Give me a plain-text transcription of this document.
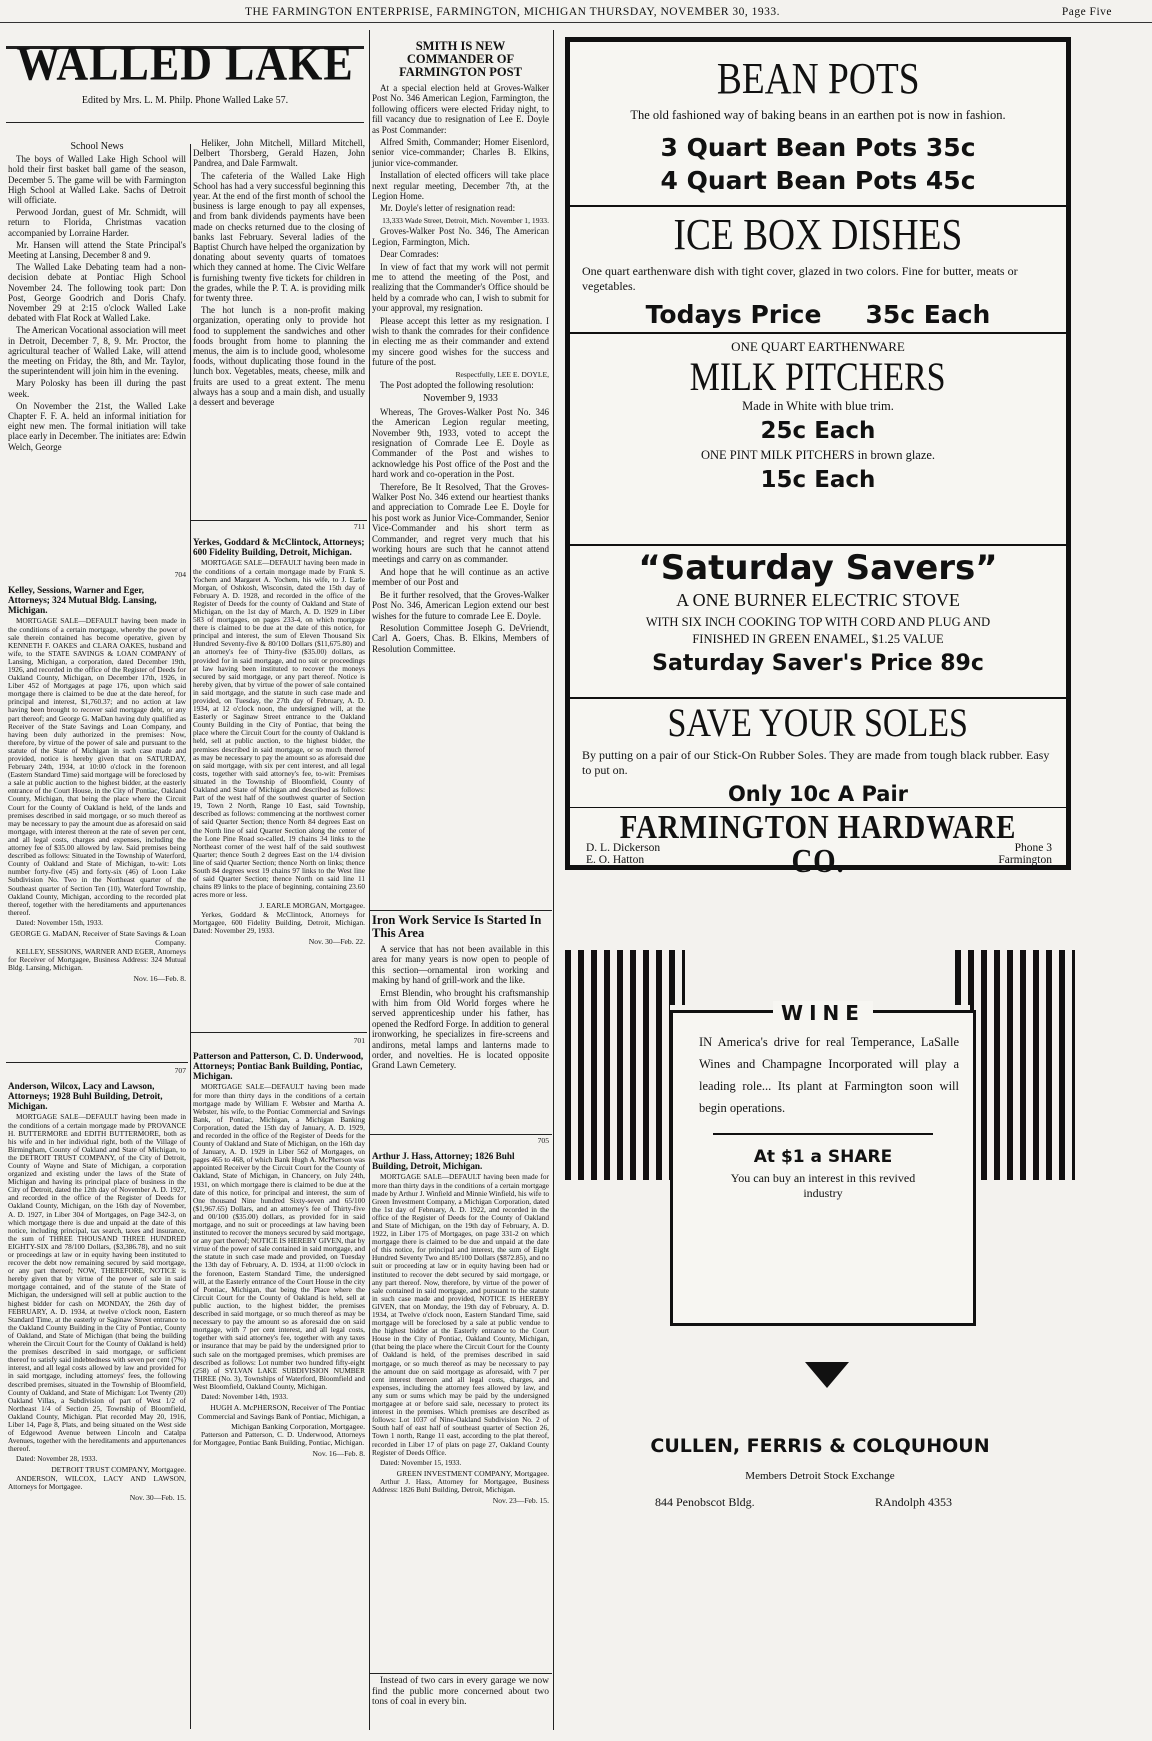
THE FARMINGTON ENTERPRISE, FARMINGTON, MICHIGAN THURSDAY, NOVEMBER 30, 1933.	Page Five
WALLED LAKE
Edited by Mrs. L. M. Philp. Phone Walled Lake 57.
School News

The boys of Walled Lake High School will hold their first basket ball game of the season, December 5. The game will be with Farmington High School at Walled Lake. Sachs of Detroit will officiate.

Perwood Jordan, guest of Mr. Schmidt, will return to Florida, Christmas vacation accompanied by Lorraine Harder.

Mr. Hansen will attend the State Principal's Meeting at Lansing, December 8 and 9.

The Walled Lake Debating team had a non-decision debate at Pontiac High School November 24. The following took part: Don Post, George Goodrich and Doris Chafy. November 29 at 2:15 o'clock Walled Lake debated with Flat Rock at Walled Lake.

The American Vocational association will meet in Detroit, December 7, 8, 9. Mr. Proctor, the agricultural teacher of Walled Lake, will attend the meeting on Friday, the 8th, and Mr. Taylor, the superintendent will join him in the evening.

Mary Polosky has been ill during the past week.

On November the 21st, the Walled Lake Chapter F. F. A. held an informal initiation for eight new men. The formal initiation will take place early in December. The initiates are: Edwin Welch, George

704
Kelley, Sessions, Warner and Eger, Attorneys; 324 Mutual Bldg. Lansing, Michigan.

MORTGAGE SALE—DEFAULT having been made in the conditions of a certain mortgage, whereby the power of sale therein contained has become operative, given by KENNETH F. OAKES and CLARA OAKES, husband and wife, to the STATE SAVINGS & LOAN COMPANY of Lansing, Michigan, a corporation, dated December 19th, 1926, and recorded in the office of the Register of Deeds for Oakland County, Michigan, on December 17th, 1926, in Liber 452 of Mortgages at page 176, upon which said mortgage there is claimed to be due at the date hereof, for principal and interest, $1,760.37; and no action at law having been brought to recover said mortgage debt, or any part thereof; and George G. MaDan having duly qualified as Receiver of the State Savings and Loan Company, and having been duly authorized in the premises: Now, therefore, by virtue of the power of sale and pursuant to the statute of the State of Michigan in such case made and provided, notice is hereby given that on SATURDAY, February 24th, 1934, at 10:00 o'clock in the forenoon (Eastern Standard Time) said mortgage will be foreclosed by a sale at public auction to the highest bidder, at the easterly entrance of the Court House, in the City of Pontiac, Oakland County, Michigan, that being the place where the Circuit Court for the County of Oakland is held, of the lands and premises described in said mortgage, or so much thereof as may be necessary to pay the amount due as aforesaid on said mortgage, with interest thereon at the rate of seven per cent, and all legal costs, charges and expenses, including the attorney fee of $35.00 allowed by law. Said premises being described as follows: Situated in the Township of Waterford, County of Oakland and State of Michigan, to-wit: Lots number forty-five (45) and forty-six (46) of Loon Lake Subdivision No. Two in the Northeast quarter of the Southeast quarter of Section Ten (10), Waterford Township, Oakland County, Michigan, according to the recorded plat thereof, together with the hereditaments and appurtenances thereof.

Dated: November 15th, 1933.

GEORGE G. MaDAN, Receiver of State Savings & Loan Company.

KELLEY, SESSIONS, WARNER AND EGER, Attorneys for Receiver of Mortgagee, Business Address: 324 Mutual Bldg. Lansing, Michigan.

Nov. 16—Feb. 8.
707
Anderson, Wilcox, Lacy and Lawson, Attorneys; 1928 Buhl Building, Detroit, Michigan.

MORTGAGE SALE—DEFAULT having been made in the conditions of a certain mortgage made by PROVANCE H. BUTTERMORE and EDITH BUTTERMORE, both as his wife and in her individual right, both of the Village of Birmingham, County of Oakland and State of Michigan, to the DETROIT TRUST COMPANY, of the City of Detroit, County of Wayne and State of Michigan, a corporation organized and existing under the laws of the State of Michigan and having its principal place of business in the City of Detroit, dated the 12th day of November A. D. 1927, and recorded in the office of the Register of Deeds for Oakland County, Michigan, on the 16th day of November, A. D. 1927, in Liber 304 of Mortgages, on Page 342-3, on which mortgage there is due and unpaid at the date of this notice, including principal, tax search, taxes and insurance, the sum of THREE THOUSAND THREE HUNDRED EIGHTY-SIX and 78/100 Dollars, ($3,386.78), and no suit or proceedings at law or in equity having been instituted to recover the debt now remaining secured by said mortgage, or any part thereof; NOW, THEREFORE, NOTICE is hereby given that by virtue of the power of sale in said mortgage contained, and of the statute of the State of Michigan, the undersigned will sell at public auction to the highest bidder for cash on MONDAY, the 26th day of FEBRUARY, A. D. 1934, at twelve o'clock noon, Eastern Standard Time, at the easterly or Saginaw Street entrance to the Oakland County Building in the City of Pontiac, County of Oakland, and State of Michigan (that being the building wherein the Circuit Court for the County of Oakland is held) the premises described in said mortgage, or sufficient thereof to satisfy said indebtedness with seven per cent (7%) interest, and all legal costs allowed by law and provided for in said mortgage, including attorneys' fees, the following described premises, situated in the Township of Bloomfield, County of Oakland, and State of Michigan: Lot Twenty (20) Oakland Villas, a Subdivision of part of West 1/2 of Northeast 1/4 of Section 25, Township of Bloomfield, Oakland County, Michigan. Plat recorded May 20, 1916, Liber 14, Page 8, Plats, and being situated on the West side of Edgewood Avenue between Lincoln and Catalpa Avenues, together with the hereditaments and appurtenances thereof.

Dated: November 28, 1933.

DETROIT TRUST COMPANY, Mortgagee.

ANDERSON, WILCOX, LACY AND LAWSON, Attorneys for Mortgagee.

Nov. 30—Feb. 15.

Heliker, John Mitchell, Millard Mitchell, Delbert Thorsberg, Gerald Hazen, John Pandrea, and Dale Farmwalt.

The cafeteria of the Walled Lake High School has had a very successful beginning this year. At the end of the first month of school the business is large enough to pay all expenses, and from bank dividends payments have been made on checks returned due to the closing of banks last February. Several ladies of the Baptist Church have helped the organization by donating about seventy quarts of tomatoes which they canned at home. The Civic Welfare is furnishing twenty five tickets for children in the grades, while the P. T. A. is providing milk for twenty three.

The hot lunch is a non-profit making organization, operating only to provide hot food to supplement the sandwiches and other foods brought from home to planning the menus, the aim is to include good, wholesome foods, without duplicating those found in the lunch box. Vegetables, meats, cheese, milk and fruits are used to a great extent. The menu always has a soup and a main dish, and usually a dessert and beverage

711
Yerkes, Goddard & McClintock, Attorneys; 600 Fidelity Building, Detroit, Michigan.

MORTGAGE SALE—DEFAULT having been made in the conditions of a certain mortgage made by Frank S. Yochem and Margaret A. Yochem, his wife, to J. Earle Morgan, of Oshkosh, Wisconsin, dated the 15th day of February A. D. 1928, and recorded in the office of the Register of Deeds for the county of Oakland and State of Michigan, on the 1st day of March, A. D. 1929 in Liber 583 of mortgages, on pages 233-4, on which mortgage there is claimed to be due at the date of this notice, for principal and interest, the sum of Eleven Thousand Six Hundred Seventy-five & 80/100 Dollars ($11,675.80) and an attorney's fee of Thirty-five ($35.00) dollars, as provided for in said mortgage, and no suit or proceedings at law having been instituted to recover the moneys secured by said mortgage, or any part thereof. Notice is hereby given, that by virtue of the power of sale contained in said mortgage, and the statute in such case made and provided, on Tuesday, the 27th day of February, A. D. 1934, at 12 o'clock noon, the undersigned will, at the Easterly or Saginaw Street entrance to the Oakland County Building in the City of Pontiac, that being the place where the Circuit Court for the county of Oakland is held, sell at public auction, to the highest bidder, the premises described in said mortgage, or so much thereof as may be necessary to pay the amount so as aforesaid due on said mortgage, with six per cent interest, and all legal costs, together with said attorney's fee, to-wit: Premises situated in the Township of Bloomfield, County of Oakland and State of Michigan and described as follows: Part of the west half of the southwest quarter of Section 19, Town 2 North, Range 10 East, said Township, described as follows: commencing at the northwest corner of said Quarter Section; thence North 84 degrees East on the North line of said Quarter Section along the center of the Lone Pine Road so-called, 19 chains 34 links to the Northeast corner of the west half of the said southwest Quarter; thence South 2 degrees East on the 1/4 division line of said Quarter Section; thence North on links; thence South 84 degrees west 19 chains 97 links to the West line of said Quarter Section; thence North on said line 11 chains 89 links to the place of beginning, containing 23.60 acres more or less.

J. EARLE MORGAN, Mortgagee.

Yerkes, Goddard & McClintock, Attorneys for Mortgagee, 600 Fidelity Building, Detroit, Michigan. Dated: November 29, 1933.

Nov. 30—Feb. 22.
701
Patterson and Patterson, C. D. Underwood, Attorneys; Pontiac Bank Building, Pontiac, Michigan.

MORTGAGE SALE—DEFAULT having been made for more than thirty days in the conditions of a certain mortgage made by William F. Webster and Martha A. Webster, his wife, to the Pontiac Commercial and Savings Bank, of Pontiac, Michigan, a Michigan Banking Corporation, dated the 15th day of January, A. D. 1929, and recorded in the office of the Register of Deeds for the County of Oakland and State of Michigan, on the 16th day of January, A. D. 1929 in Liber 562 of Mortgages, on pages 465 to 468, of which Bank Hugh A. McPherson was appointed Receiver by the Circuit Court for the County of Oakland, State of Michigan, in Chancery, on July 24th, 1931, on which mortgage there is claimed to be due at the date of this notice, for principal and interest, the sum of One thousand Nine hundred Sixty-seven and 65/100 ($1,967.65) Dollars, and an attorney's fee of Thirty-five and 00/100 ($35.00) dollars, as provided for in said mortgage, and no suit or proceedings at law having been instituted to recover the moneys secured by said mortgage, or any part thereof; NOTICE IS HEREBY GIVEN, that by virtue of the power of sale contained in said mortgage, and the statute in such case made and provided, on Tuesday the 13th day of February, A. D. 1934, at 11:00 o'clock in the forenoon, Eastern Standard Time, the undersigned will, at the Easterly entrance of the Court House in the city of Pontiac, Michigan, that being the Place where the Circuit Court for the County of Oakland is held, sell at public auction, to the highest bidder, the premises described in said mortgage, or so much thereof as may be necessary to pay the amount so as aforesaid due on said mortgage, with 7 per cent interest, and all legal costs, together with said attorney's fee, together with any taxes or insurance that may be paid by the undersigned prior to such sale on the mortgaged premises, which premises are described as follows: Lot number two hundred fifty-eight (258) of SYLVAN LAKE SUBDIVISION NUMBER THREE (No. 3), Townships of Waterford, Bloomfield and West Bloomfield, Oakland County, Michigan.

Dated: November 14th, 1933.

HUGH A. McPHERSON, Receiver of The Pontiac Commercial and Savings Bank of Pontiac, Michigan, a Michigan Banking Corporation, Mortgagee.

Patterson and Patterson, C. D. Underwood, Attorneys for Mortgagee, Pontiac Bank Building, Pontiac, Michigan.

Nov. 16—Feb. 8.
SMITH IS NEW COMMANDER OF FARMINGTON POST

At a special election held at Groves-Walker Post No. 346 American Legion, Farmington, the following officers were elected Friday night, to fill vacancy due to resignation of Lee E. Doyle as Post Commander:

Alfred Smith, Commander; Homer Eisenlord, senior vice-commander; Charles B. Elkins, junior vice-commander.

Installation of elected officers will take place next regular meeting, December 7th, at the Legion Home.

Mr. Doyle's letter of resignation read:

13,333 Wade Street, Detroit, Mich. November 1, 1933.

Groves-Walker Post No. 346, The American Legion, Farmington, Mich.

Dear Comrades:

In view of fact that my work will not permit me to attend the meeting of the Post, and realizing that the Commander's Office should be held by a comrade who can, I wish to submit for your approval, my resignation.

Please accept this letter as my resignation. I wish to thank the comrades for their confidence in electing me as their commander and extend my sincere good wishes for the success and future of the post.

Respectfully, LEE E. DOYLE,

The Post adopted the following resolution:

November 9, 1933

Whereas, The Groves-Walker Post No. 346 the American Legion regular meeting, November 9th, 1933, voted to accept the resignation of Comrade Lee E. Doyle as Commander of the Post and wishes to acknowledge his Post office of the Post and the hard work and co-operation in the Post.

Therefore, Be It Resolved, That the Groves-Walker Post No. 346 extend our heartiest thanks and appreciation to Comrade Lee E. Doyle for his post work as Junior Vice-Commander, Senior Vice-Commander and his short term as Commander, and regret very much that his working hours are such that he cannot attend meetings and carry on as commander.

And hope that he will continue as an active member of our Post and

Be it further resolved, that the Groves-Walker Post No. 346, American Legion extend our best wishes for the future to comrade Lee E. Doyle.

Resolution Committee Joseph G. DeVriendt, Carl A. Goers, Chas. B. Elkins, Members of Resolution Committee.

Iron Work Service Is Started In This Area

A service that has not been available in this area for many years is now open to people of this section—ornamental iron working and making by hand of grill-work and the like.

Ernst Blendin, who brought his craftsmanship with him from Old World forges where he served apprenticeship under his father, has opened the Redford Forge. In addition to general ironworking, he specializes in fire-screens and andirons, metal lamps and lanterns made to order, and novelties. He is located opposite Grand Lawn Cemetery.

705
Arthur J. Hass, Attorney; 1826 Buhl Building, Detroit, Michigan.

MORTGAGE SALE—DEFAULT having been made for more than thirty days in the conditions of a certain mortgage made by Arthur J. Winfield and Minnie Winfield, his wife to Green Investment Company, a Michigan Corporation, dated the 1st day of February, A. D. 1922, and recorded in the office of the Register of Deeds for the County of Oakland and State of Michigan, on the 19th day of February, A. D. 1922, in Liber 175 of Mortgages, on page 331-2 on which mortgage there is claimed to be due and unpaid at the date of this notice, for principal and interest, the sum of Eight Hundred Seventy Two and 85/100 Dollars ($872.85), and no suit or proceeding at law or in equity having been had or instituted to recover the debt secured by said mortgage, or any part thereof. Now, therefore, by virtue of the power of sale contained in said mortgage, and pursuant to the statute in such case made and provided, NOTICE IS HEREBY GIVEN, that on Monday, the 19th day of February, A. D. 1934, at Twelve o'clock noon, Eastern Standard Time, said mortgage will be foreclosed by a sale at public vendue to the highest bidder at the Easterly entrance to the Court House in the City of Pontiac, Oakland County, Michigan, (that being the place where the Circuit Court for the County of Oakland is held, of the premises described in said mortgage, or so much thereof as may be necessary to pay the amount due on said mortgage as aforesaid, with 7 per cent interest thereon and all legal costs, charges, and expenses, including the attorney fees allowed by law, and any sum or sums which may be paid by the undersigned mortgagee at or before said sale, necessary to protect its interest in the premises. Which premises are described as follows: Lot 1037 of Nine-Oakland Subdivision No. 2 of South half of east half of southeast quarter of Section 26, Town 1 north, Range 11 east, according to the plat thereof, recorded in Liber 17 of plats on page 27, Oakland County Register of Deeds Office.

Dated: November 15, 1933.

GREEN INVESTMENT COMPANY, Mortgagee.

Arthur J. Hass, Attorney for Mortgagee, Business Address: 1826 Buhl Building, Detroit, Michigan.

Nov. 23—Feb. 15.

Instead of two cars in every garage we now find the public more concerned about two tons of coal in every bin.

BEAN POTS
The old fashioned way of baking beans in an earthen pot is now in fashion.
3 Quart Bean Pots 35c
4 Quart Bean Pots 45c
ICE BOX DISHES
One quart earthenware dish with tight cover, glazed in two colors. Fine for butter, meats or vegetables.
Todays Price 35c Each
ONE QUART EARTHENWARE
MILK PITCHERS
Made in White with blue trim.
25c Each
ONE PINT MILK PITCHERS in brown glaze.
15c Each
“Saturday Savers”
A ONE BURNER ELECTRIC STOVE
WITH SIX INCH COOKING TOP WITH CORD AND PLUG AND
FINISHED IN GREEN ENAMEL, $1.25 VALUE
Saturday Saver's Price 89c
SAVE YOUR SOLES
By putting on a pair of our Stick-On Rubber Soles. They are made from tough black rubber. Easy to put on.
Only 10c A Pair
FARMINGTON HARDWARE CO.
D. L. Dickerson
E. O. Hatton
Phone 3
Farmington
WINE
IN America's drive for real Temperance, LaSalle Wines and Champagne Incorporated will play a leading role... Its plant at Farmington soon will begin operations.
At $1 a SHARE
You can buy an interest in this revived industry
CULLEN, FERRIS & COLQUHOUN
Members Detroit Stock Exchange
844 Penobscot Bldg.	RAndolph 4353
